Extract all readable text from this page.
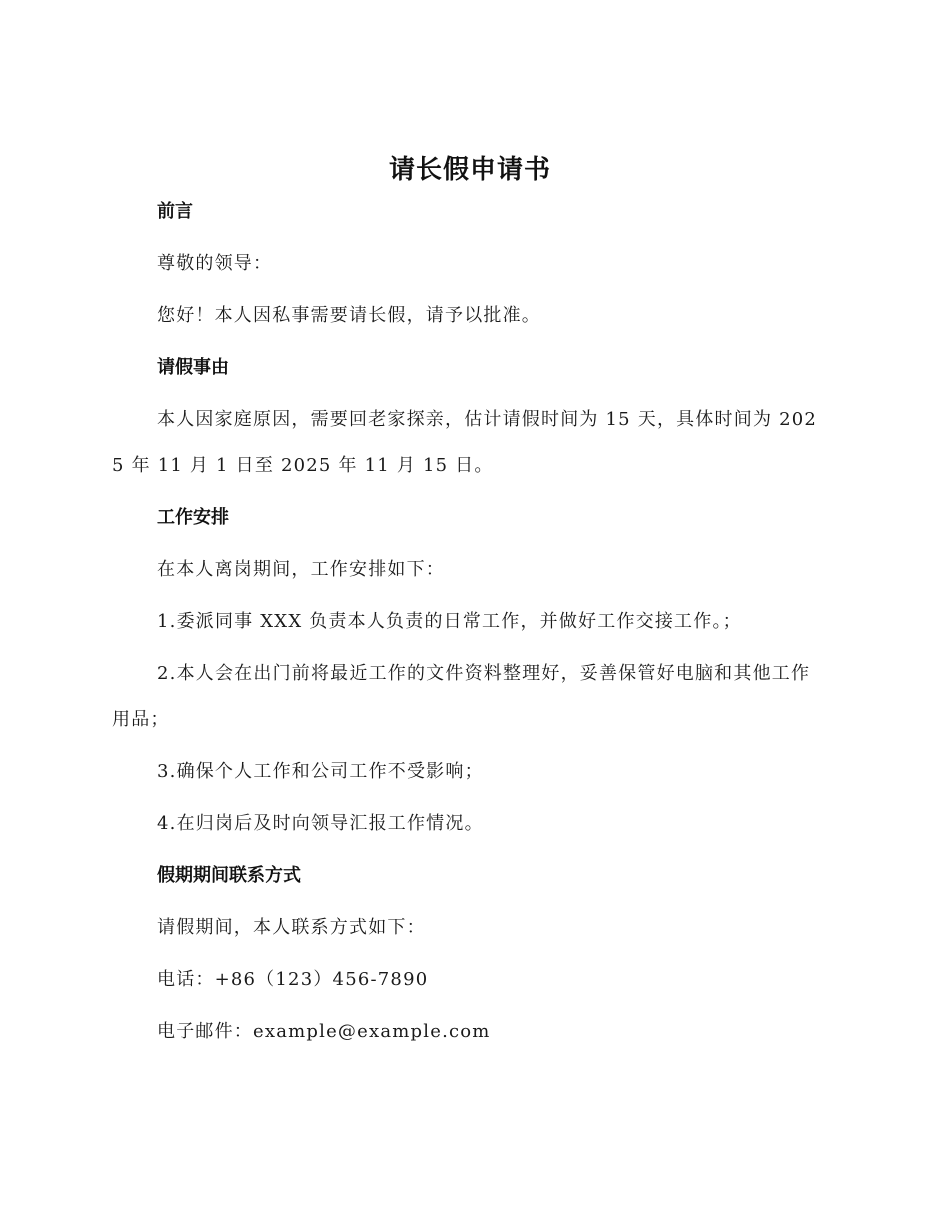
请长假申请书
前言

尊敬的领导：

您好！本人因私事需要请长假，请予以批准。

请假事由

本人因家庭原因，需要回老家探亲，估计请假时间为 15 天，具体时间为 2025 年 11 月 1 日至 2025 年 11 月 15 日。

工作安排

在本人离岗期间，工作安排如下：

1.委派同事 XXX 负责本人负责的日常工作，并做好工作交接工作。；

2.本人会在出门前将最近工作的文件资料整理好，妥善保管好电脑和其他工作用品；

3.确保个人工作和公司工作不受影响；

4.在归岗后及时向领导汇报工作情况。

假期期间联系方式

请假期间，本人联系方式如下：

电话：+86（123）456-7890

电子邮件：example@example.com
